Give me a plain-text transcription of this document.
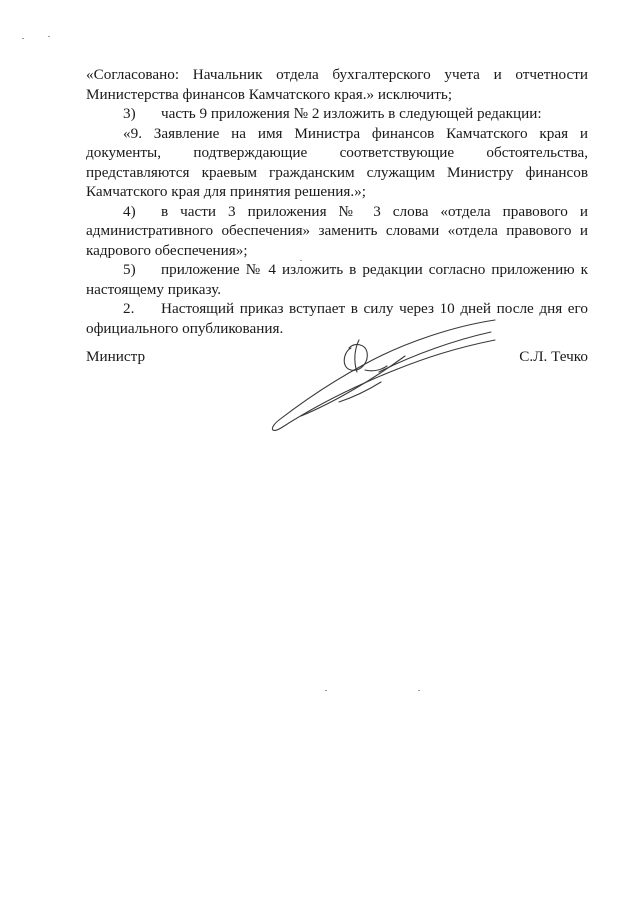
«Согласовано: Начальник отдела бухгалтерского учета и отчетности Министерства финансов Камчатского края.» исключить;

3) часть 9 приложения № 2 изложить в следующей редакции:

«9. Заявление на имя Министра финансов Камчатского края и документы, подтверждающие соответствующие обстоятельства, представляются краевым гражданским служащим Министру финансов Камчатского края для принятия решения.»;

4) в части 3 приложения № 3 слова «отдела правового и административного обеспечения» заменить словами «отдела правового и кадрового обеспечения»;

5) приложение № 4 изложить в редакции согласно приложению к настоящему приказу.

2. Настоящий приказ вступает в силу через 10 дней после дня его официального опубликования.

Министр	С.Л. Течко
